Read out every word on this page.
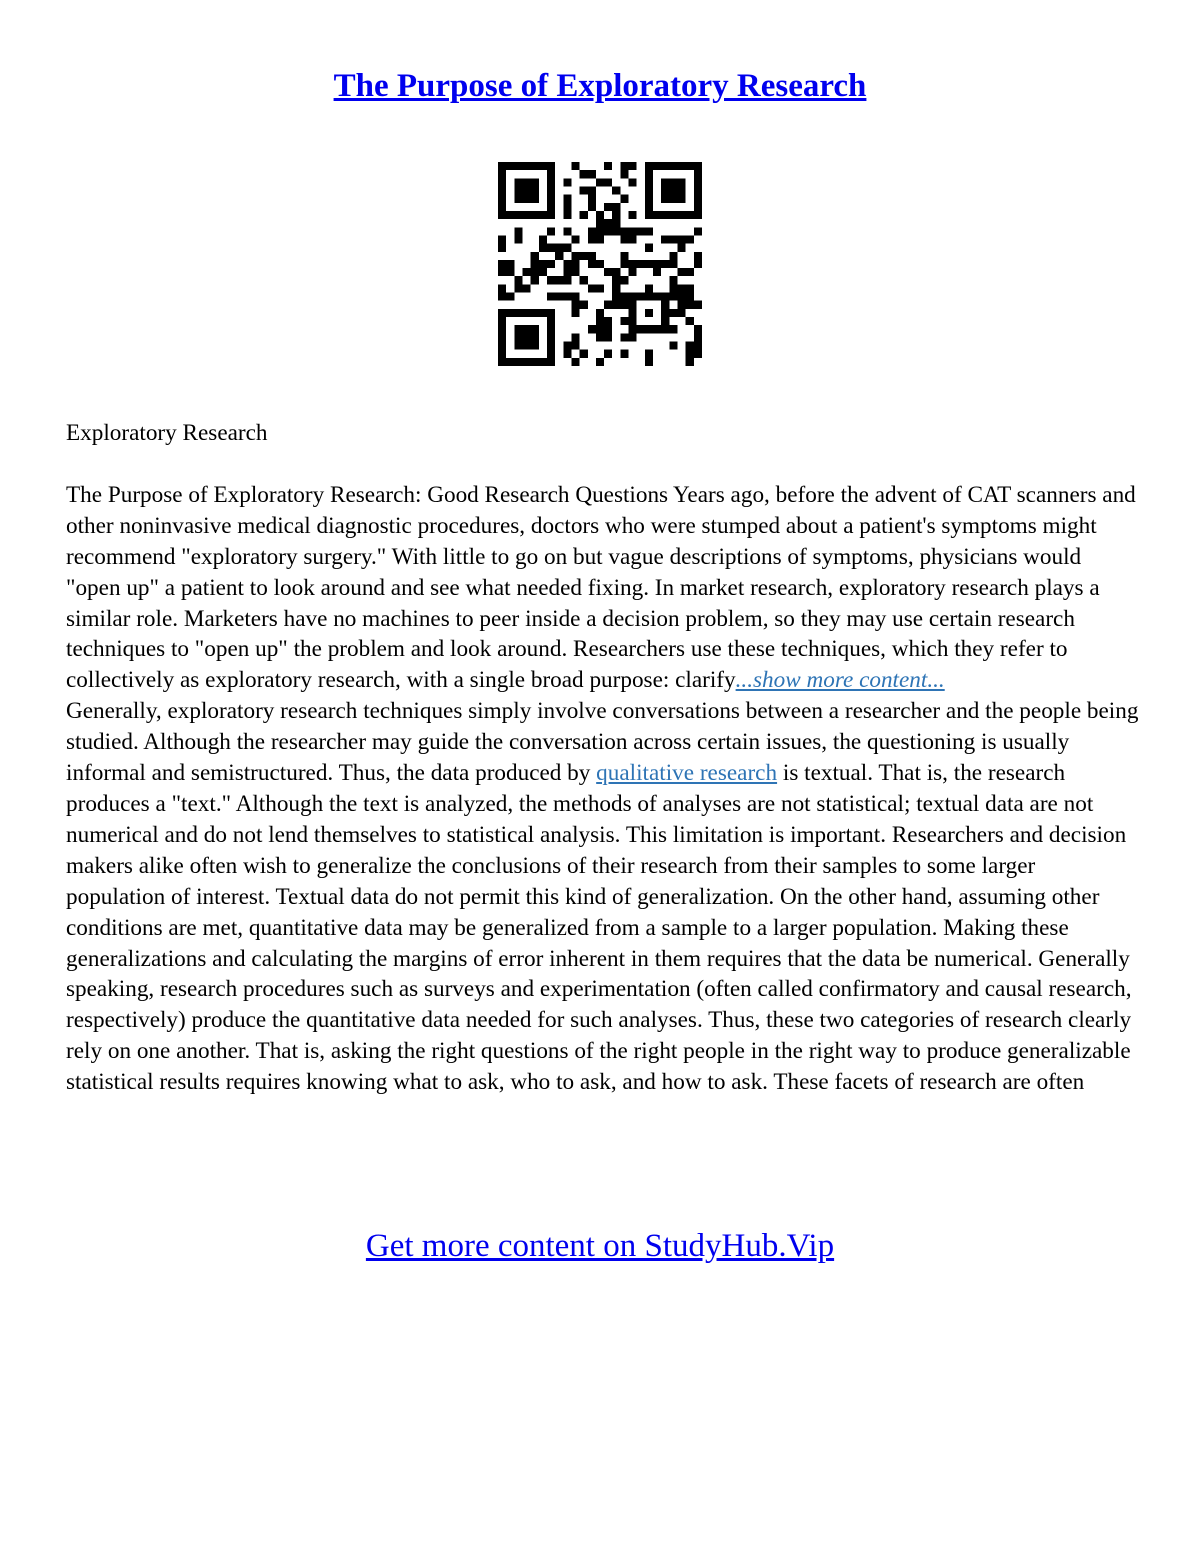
The Purpose of Exploratory Research

Exploratory Research

The Purpose of Exploratory Research: Good Research Questions Years ago, before the advent of CAT scanners and other noninvasive medical diagnostic procedures, doctors who were stumped about a patient's symptoms might recommend "exploratory surgery." With little to go on but vague descriptions of symptoms, physicians would "open up" a patient to look around and see what needed fixing. In market research, exploratory research plays a similar role. Marketers have no machines to peer inside a decision problem, so they may use certain research techniques to "open up" the problem and look around. Researchers use these techniques, which they refer to collectively as exploratory research, with a single broad purpose: clarify...show more content...

Generally, exploratory research techniques simply involve conversations between a researcher and the people being studied. Although the researcher may guide the conversation across certain issues, the questioning is usually informal and semistructured. Thus, the data produced by qualitative research is textual. That is, the research produces a "text." Although the text is analyzed, the methods of analyses are not statistical; textual data are not numerical and do not lend themselves to statistical analysis. This limitation is important. Researchers and decision makers alike often wish to generalize the conclusions of their research from their samples to some larger population of interest. Textual data do not permit this kind of generalization. On the other hand, assuming other conditions are met, quantitative data may be generalized from a sample to a larger population. Making these generalizations and calculating the margins of error inherent in them requires that the data be numerical. Generally speaking, research procedures such as surveys and experimentation (often called confirmatory and causal research, respectively) produce the quantitative data needed for such analyses. Thus, these two categories of research clearly rely on one another. That is, asking the right questions of the right people in the right way to produce generalizable statistical results requires knowing what to ask, who to ask, and how to ask. These facets of research are often

Get more content on StudyHub.Vip
